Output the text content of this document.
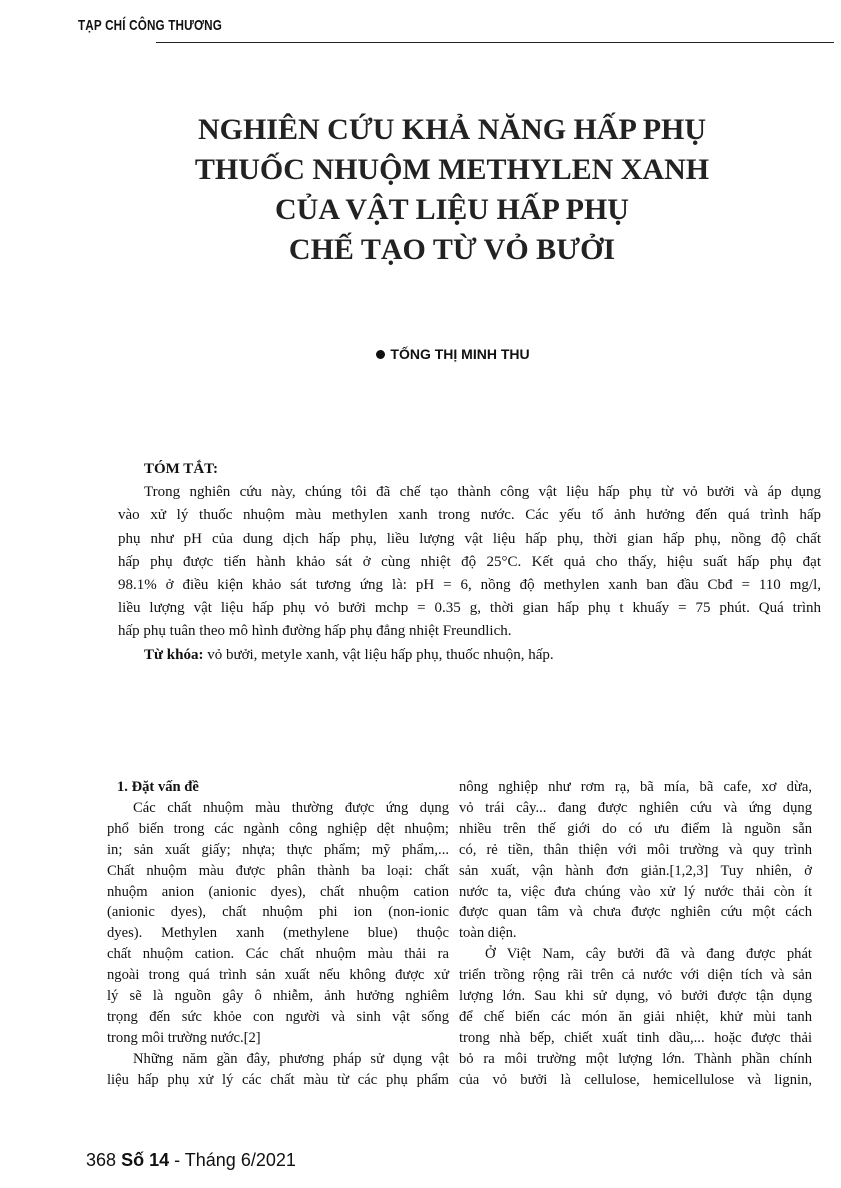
TẠP CHÍ CÔNG THƯƠNG
NGHIÊN CỨU KHẢ NĂNG HẤP PHỤ
THUỐC NHUỘM METHYLEN XANH
CỦA VẬT LIỆU HẤP PHỤ
CHẾ TẠO TỪ VỎ BƯỞI
TỐNG THỊ MINH THU
TÓM TẮT:
Trong nghiên cứu này, chúng tôi đã chế tạo thành công vật liệu hấp phụ từ vỏ bưởi và áp dụng
vào xử lý thuốc nhuộm màu methylen xanh trong nước. Các yếu tố ảnh hưởng đến quá trình hấp
phụ như pH của dung dịch hấp phụ, liều lượng vật liệu hấp phụ, thời gian hấp phụ, nồng độ chất
hấp phụ được tiến hành khảo sát ở cùng nhiệt độ 25°C. Kết quả cho thấy, hiệu suất hấp phụ đạt
98.1% ở điều kiện khảo sát tương ứng là: pH = 6, nồng độ methylen xanh ban đầu Cbđ = 110 mg/l,
liều lượng vật liệu hấp phụ vỏ bưởi mchp = 0.35 g, thời gian hấp phụ t khuấy = 75 phút. Quá trình
hấp phụ tuân theo mô hình đường hấp phụ đẳng nhiệt Freundlich.
Từ khóa: vỏ bưởi, metyle xanh, vật liệu hấp phụ, thuốc nhuộn, hấp.
1. Đặt vấn đề
Các chất nhuộm màu thường được ứng dụng
phổ biến trong các ngành công nghiệp dệt nhuộm;
in; sản xuất giấy; nhựa; thực phẩm; mỹ phẩm,...
Chất nhuộm màu được phân thành ba loại: chất
nhuộm anion (anionic dyes), chất nhuộm cation
(anionic dyes), chất nhuộm phi ion (non-ionic
dyes). Methylen xanh (methylene blue) thuộc
chất nhuộm cation. Các chất nhuộm màu thải ra
ngoài trong quá trình sản xuất nếu không được xử
lý sẽ là nguồn gây ô nhiễm, ảnh hưởng nghiêm
trọng đến sức khỏe con người và sinh vật sống
trong môi trường nước.[2]
Những năm gần đây, phương pháp sử dụng vật
liệu hấp phụ xử lý các chất màu từ các phụ phẩm
nông nghiệp như rơm rạ, bã mía, bã cafe, xơ dừa,
vỏ trái cây... đang được nghiên cứu và ứng dụng
nhiều trên thế giới do có ưu điểm là nguồn sẵn
có, rẻ tiền, thân thiện với môi trường và quy trình
sản xuất, vận hành đơn giản.[1,2,3] Tuy nhiên, ở
nước ta, việc đưa chúng vào xử lý nước thải còn ít
được quan tâm và chưa được nghiên cứu một cách
toàn diện.
Ở Việt Nam, cây bưởi đã và đang được phát
triển trồng rộng rãi trên cả nước với diện tích và sản
lượng lớn. Sau khi sử dụng, vỏ bưởi được tận dụng
để chế biến các món ăn giải nhiệt, khử mùi tanh
trong nhà bếp, chiết xuất tinh dầu,... hoặc được thải
bỏ ra môi trường một lượng lớn. Thành phần chính
của vỏ bưởi là cellulose, hemicellulose và lignin,
368 Số 14 - Tháng 6/2021
